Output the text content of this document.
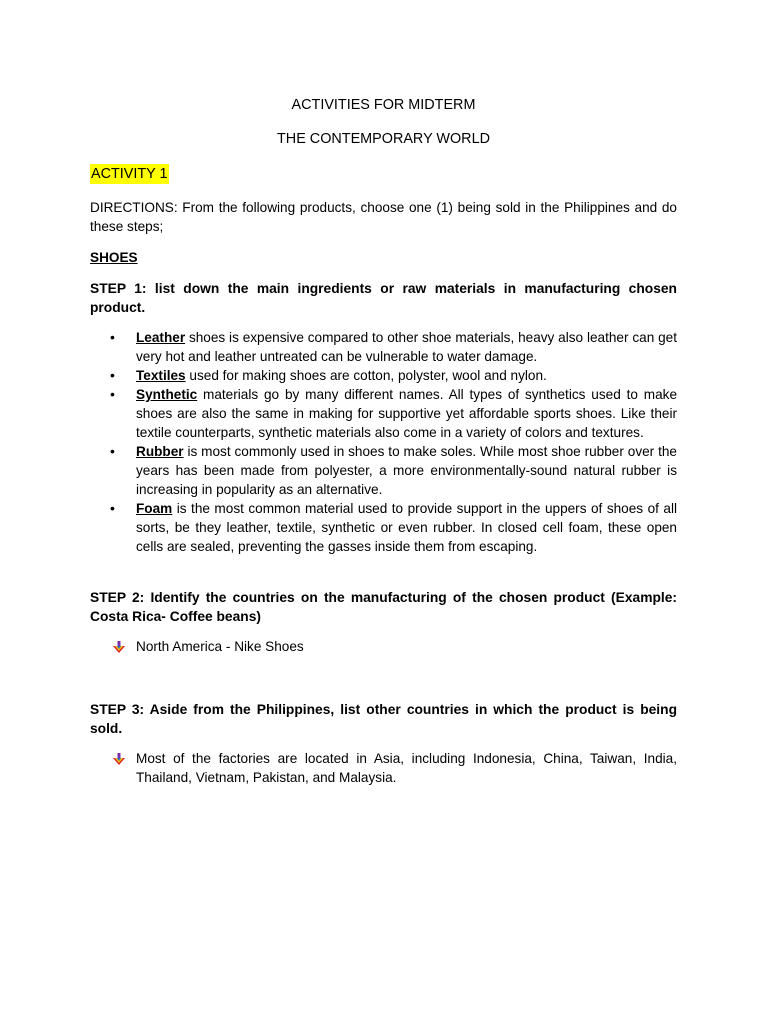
ACTIVITIES FOR MIDTERM

THE CONTEMPORARY WORLD

ACTIVITY 1

DIRECTIONS: From the following products, choose one (1) being sold in the Philippines and do these steps;

SHOES

STEP 1: list down the main ingredients or raw materials in manufacturing chosen product.

• Leather shoes is expensive compared to other shoe materials, heavy also leather can get very hot and leather untreated can be vulnerable to water damage.
• Textiles used for making shoes are cotton, polyster, wool and nylon.
• Synthetic materials go by many different names. All types of synthetics used to make shoes are also the same in making for supportive yet affordable sports shoes. Like their textile counterparts, synthetic materials also come in a variety of colors and textures.
• Rubber is most commonly used in shoes to make soles. While most shoe rubber over the years has been made from polyester, a more environmentally-sound natural rubber is increasing in popularity as an alternative.
• Foam is the most common material used to provide support in the uppers of shoes of all sorts, be they leather, textile, synthetic or even rubber. In closed cell foam, these open cells are sealed, preventing the gasses inside them from escaping.

STEP 2: Identify the countries on the manufacturing of the chosen product (Example: Costa Rica- Coffee beans)

North America - Nike Shoes

STEP 3: Aside from the Philippines, list other countries in which the product is being sold.

Most of the factories are located in Asia, including Indonesia, China, Taiwan, India, Thailand, Vietnam, Pakistan, and Malaysia.
